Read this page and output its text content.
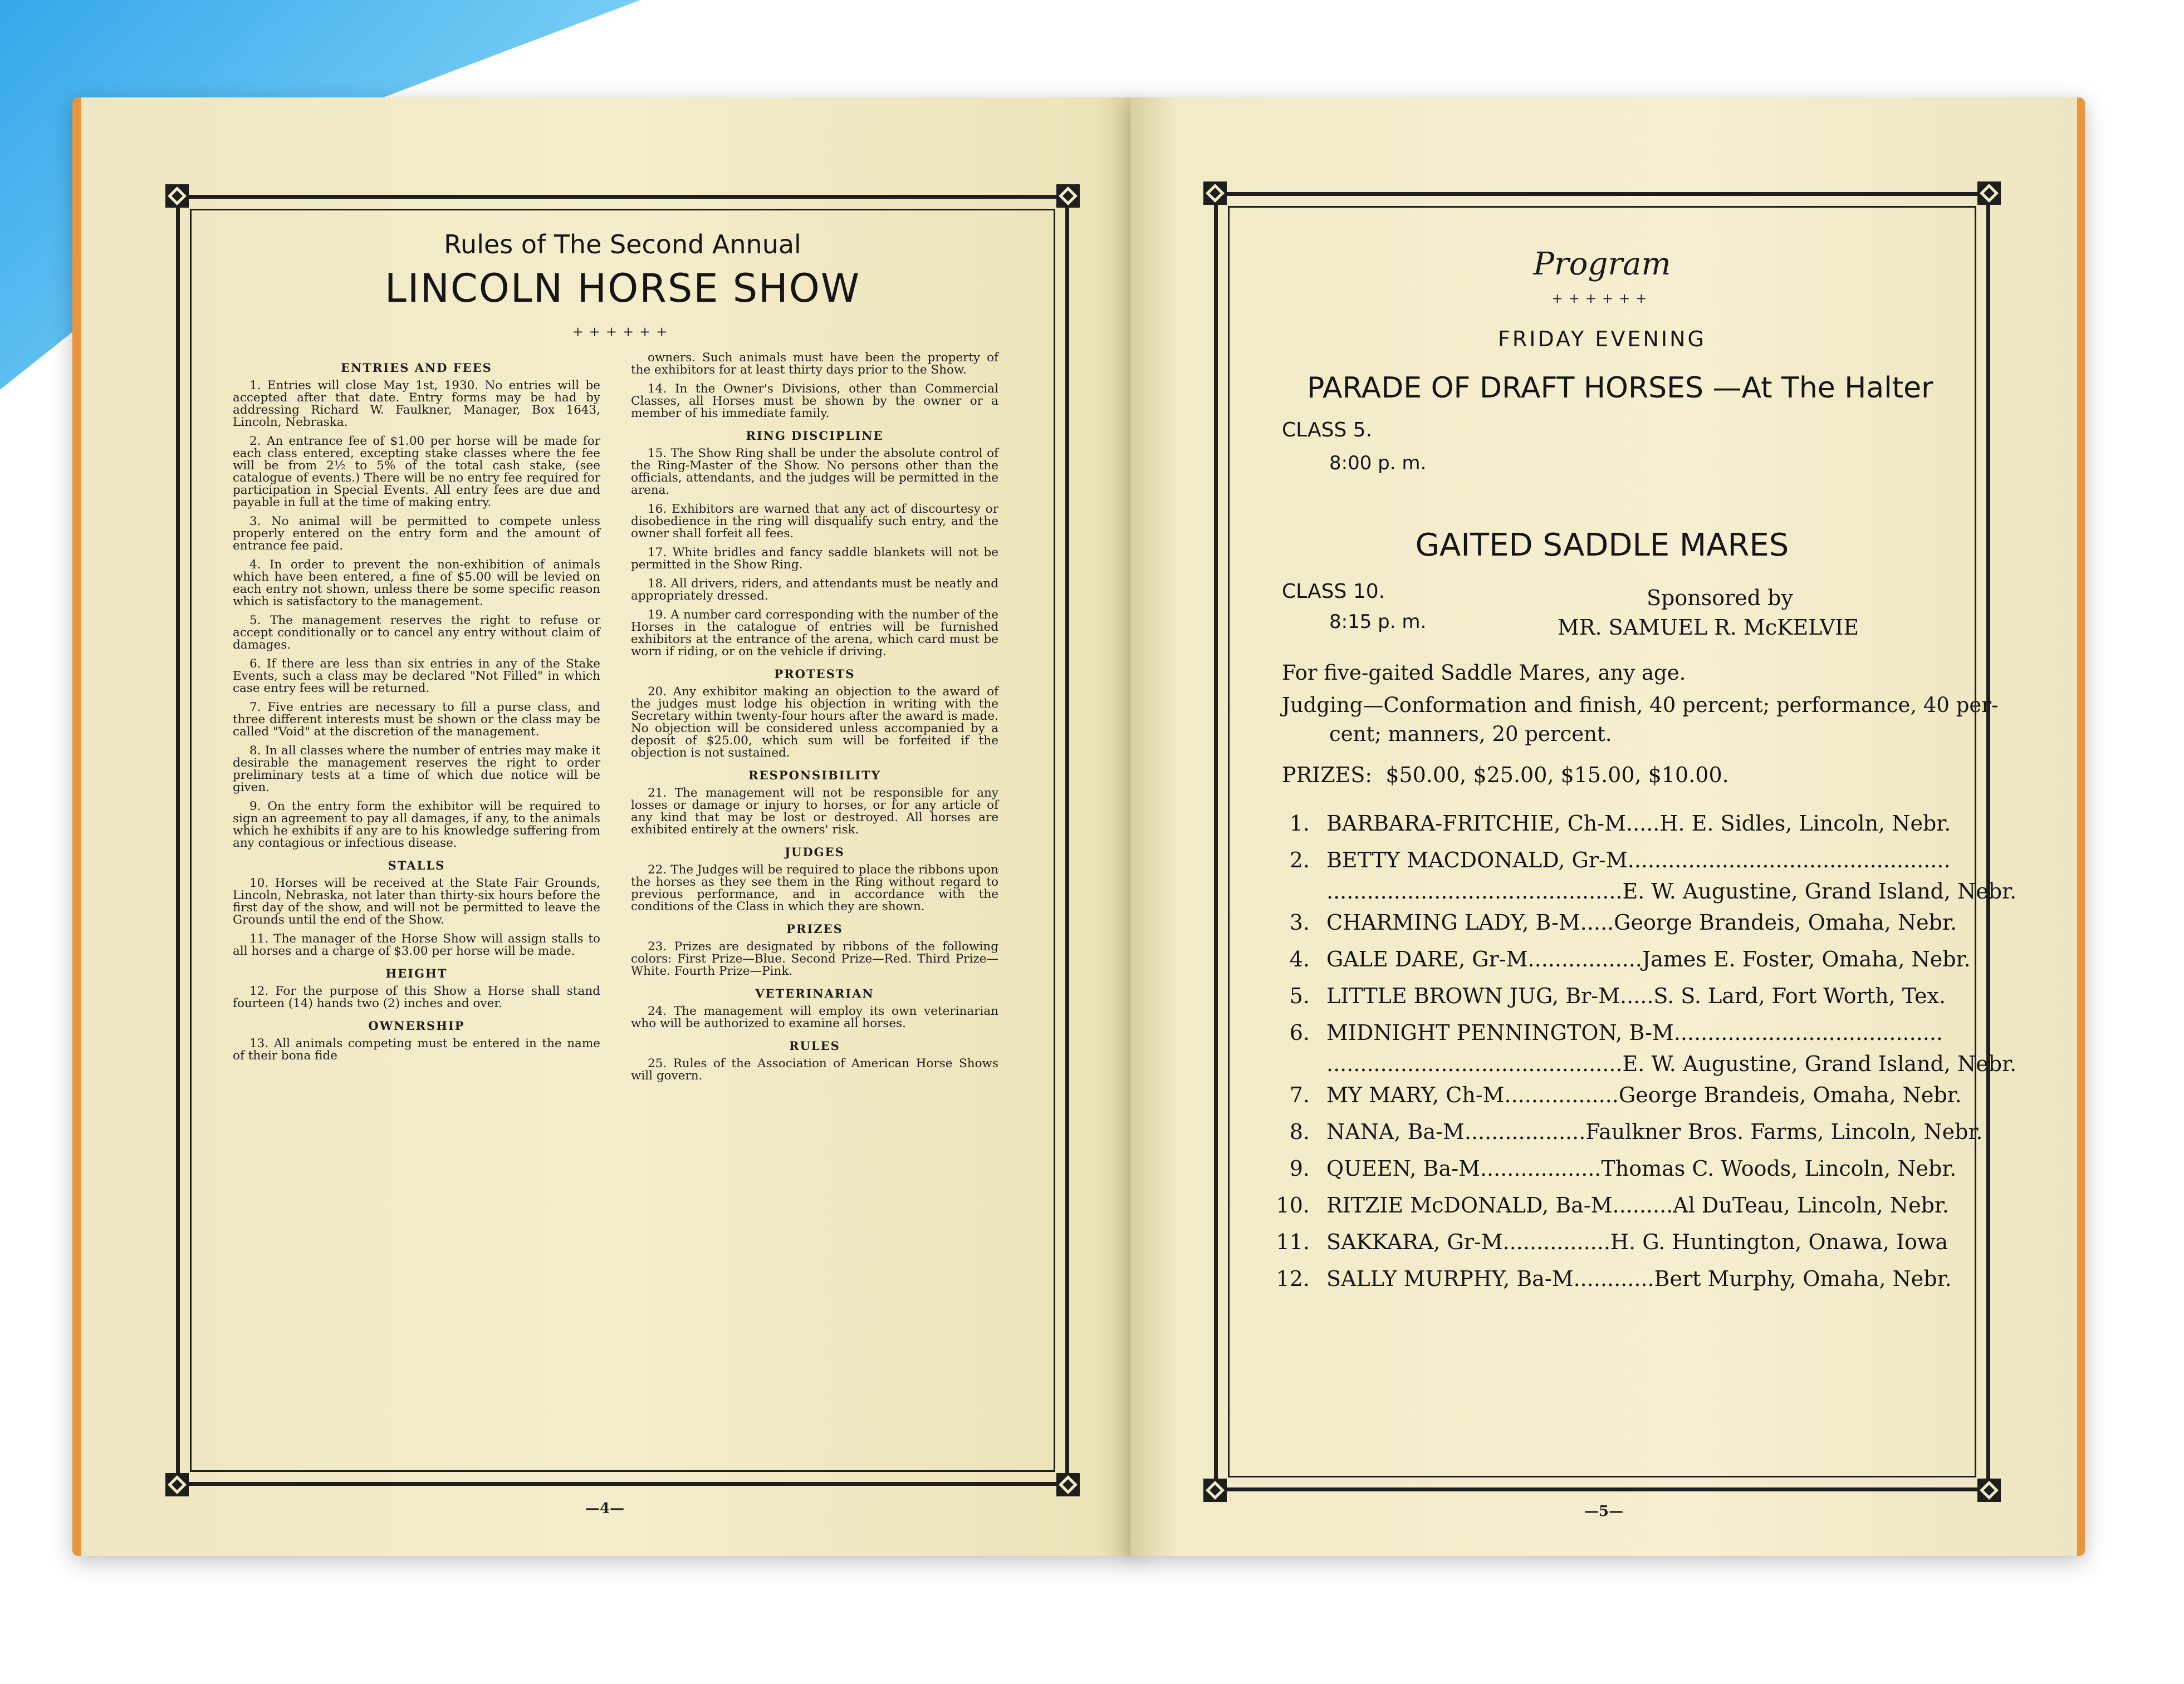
Rules of The Second Annual
LINCOLN HORSE SHOW
++++++
ENTRIES AND FEES

1. Entries will close May 1st, 1930. No entries will be accepted after that date. Entry forms may be had by addressing Richard W. Faulkner, Manager, Box 1643, Lincoln, Nebraska.

2. An entrance fee of $1.00 per horse will be made for each class entered, excepting stake classes where the fee will be from 2½ to 5% of the total cash stake, (see catalogue of events.) There will be no entry fee required for participation in Special Events. All entry fees are due and payable in full at the time of making entry.

3. No animal will be permitted to compete unless properly entered on the entry form and the amount of entrance fee paid.

4. In order to prevent the non-exhibition of animals which have been entered, a fine of $5.00 will be levied on each entry not shown, unless there be some specific reason which is satisfactory to the management.

5. The management reserves the right to refuse or accept conditionally or to cancel any entry without claim of damages.

6. If there are less than six entries in any of the Stake Events, such a class may be declared "Not Filled" in which case entry fees will be returned.

7. Five entries are necessary to fill a purse class, and three different interests must be shown or the class may be called "Void" at the discretion of the management.

8. In all classes where the number of entries may make it desirable the management reserves the right to order preliminary tests at a time of which due notice will be given.

9. On the entry form the exhibitor will be required to sign an agreement to pay all damages, if any, to the animals which he exhibits if any are to his knowledge suffering from any contagious or infectious disease.

STALLS

10. Horses will be received at the State Fair Grounds, Lincoln, Nebraska, not later than thirty-six hours before the first day of the show, and will not be permitted to leave the Grounds until the end of the Show.

11. The manager of the Horse Show will assign stalls to all horses and a charge of $3.00 per horse will be made.

HEIGHT

12. For the purpose of this Show a Horse shall stand fourteen (14) hands two (2) inches and over.

OWNERSHIP

13. All animals competing must be entered in the name of their bona fide

owners. Such animals must have been the property of the exhibitors for at least thirty days prior to the Show.

14. In the Owner's Divisions, other than Commercial Classes, all Horses must be shown by the owner or a member of his immediate family.

RING DISCIPLINE

15. The Show Ring shall be under the absolute control of the Ring-Master of the Show. No persons other than the officials, attendants, and the judges will be permitted in the arena.

16. Exhibitors are warned that any act of discourtesy or disobedience in the ring will disqualify such entry, and the owner shall forfeit all fees.

17. White bridles and fancy saddle blankets will not be permitted in the Show Ring.

18. All drivers, riders, and attendants must be neatly and appropriately dressed.

19. A number card corresponding with the number of the Horses in the catalogue of entries will be furnished exhibitors at the entrance of the arena, which card must be worn if riding, or on the vehicle if driving.

PROTESTS

20. Any exhibitor making an objection to the award of the judges must lodge his objection in writing with the Secretary within twenty-four hours after the award is made. No objection will be considered unless accompanied by a deposit of $25.00, which sum will be forfeited if the objection is not sustained.

RESPONSIBILITY

21. The management will not be responsible for any losses or damage or injury to horses, or for any article of any kind that may be lost or destroyed. All horses are exhibited entirely at the owners' risk.

JUDGES

22. The Judges will be required to place the ribbons upon the horses as they see them in the Ring without regard to previous performance, and in accordance with the conditions of the Class in which they are shown.

PRIZES

23. Prizes are designated by ribbons of the following colors: First Prize—Blue. Second Prize—Red. Third Prize—White. Fourth Prize—Pink.

VETERINARIAN

24. The management will employ its own veterinarian who will be authorized to examine all horses.

RULES

25. Rules of the Association of American Horse Shows will govern.

—4—
Program
++++++
FRIDAY EVENING
PARADE OF DRAFT HORSES —At The Halter
CLASS 5.
8:00 p. m.
GAITED SADDLE MARES
CLASS 10.
8:15 p. m.
Sponsored by
MR. SAMUEL R. McKELVIE
For five-gaited Saddle Mares, any age.
Judging—Conformation and finish, 40 percent; performance, 40 per-
cent; manners, 20 percent.
PRIZES:  $50.00, $25.00, $15.00, $10.00.
1. BARBARA-FRITCHIE, Ch-M.....H. E. Sidles, Lincoln, Nebr.
2. BETTY MACDONALD, Gr-M................................................
............................................E. W. Augustine, Grand Island, Nebr.
3. CHARMING LADY, B-M.....George Brandeis, Omaha, Nebr.
4. GALE DARE, Gr-M.................James E. Foster, Omaha, Nebr.
5. LITTLE BROWN JUG, Br-M.....S. S. Lard, Fort Worth, Tex.
6. MIDNIGHT PENNINGTON, B-M........................................
............................................E. W. Augustine, Grand Island, Nebr.
7. MY MARY, Ch-M.................George Brandeis, Omaha, Nebr.
8. NANA, Ba-M..................Faulkner Bros. Farms, Lincoln, Nebr.
9. QUEEN, Ba-M..................Thomas C. Woods, Lincoln, Nebr.
10. RITZIE McDONALD, Ba-M.........Al DuTeau, Lincoln, Nebr.
11. SAKKARA, Gr-M................H. G. Huntington, Onawa, Iowa
12. SALLY MURPHY, Ba-M............Bert Murphy, Omaha, Nebr.
—5—
